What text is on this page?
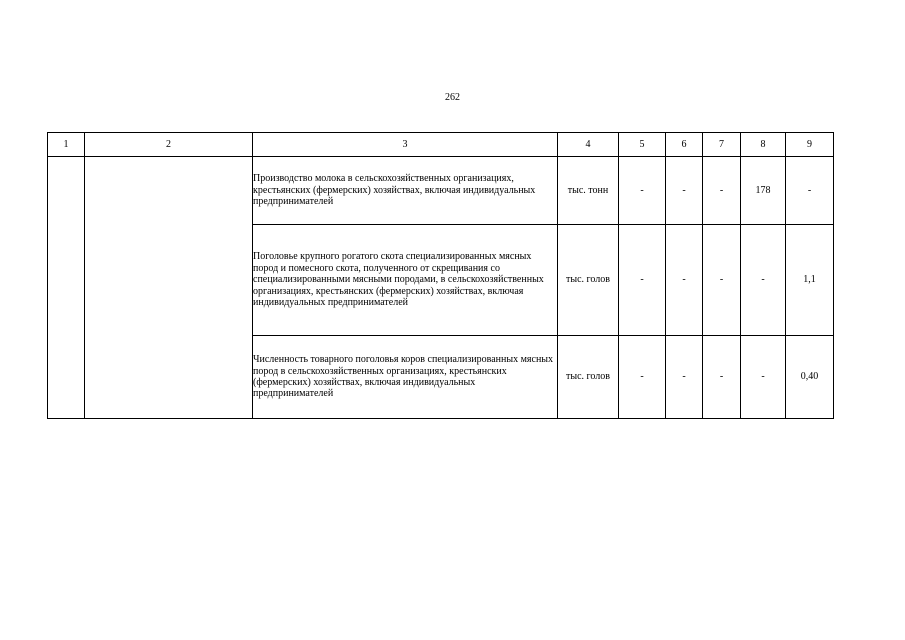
262
1	2	3	4	5	6	7	8	9
		Производство молока в сельскохозяйственных организациях, крестьянских (фермерских) хозяйствах, включая индивидуальных предпринимателей	тыс. тонн	-	-	-	178	-
		Поголовье крупного рогатого скота специализированных мясных пород и помесного скота, полученного от скрещивания со специализированными мясными породами, в сельскохозяйственных организациях, крестьянских (фермерских) хозяйствах, включая индивидуальных предпринимателей	тыс. голов	-	-	-	-	1,1
		Численность товарного поголовья коров специализированных мясных пород в сельскохозяйственных организациях, крестьянских (фермерских) хозяйствах, включая индивидуальных предпринимателей	тыс. голов	-	-	-	-	0,40
